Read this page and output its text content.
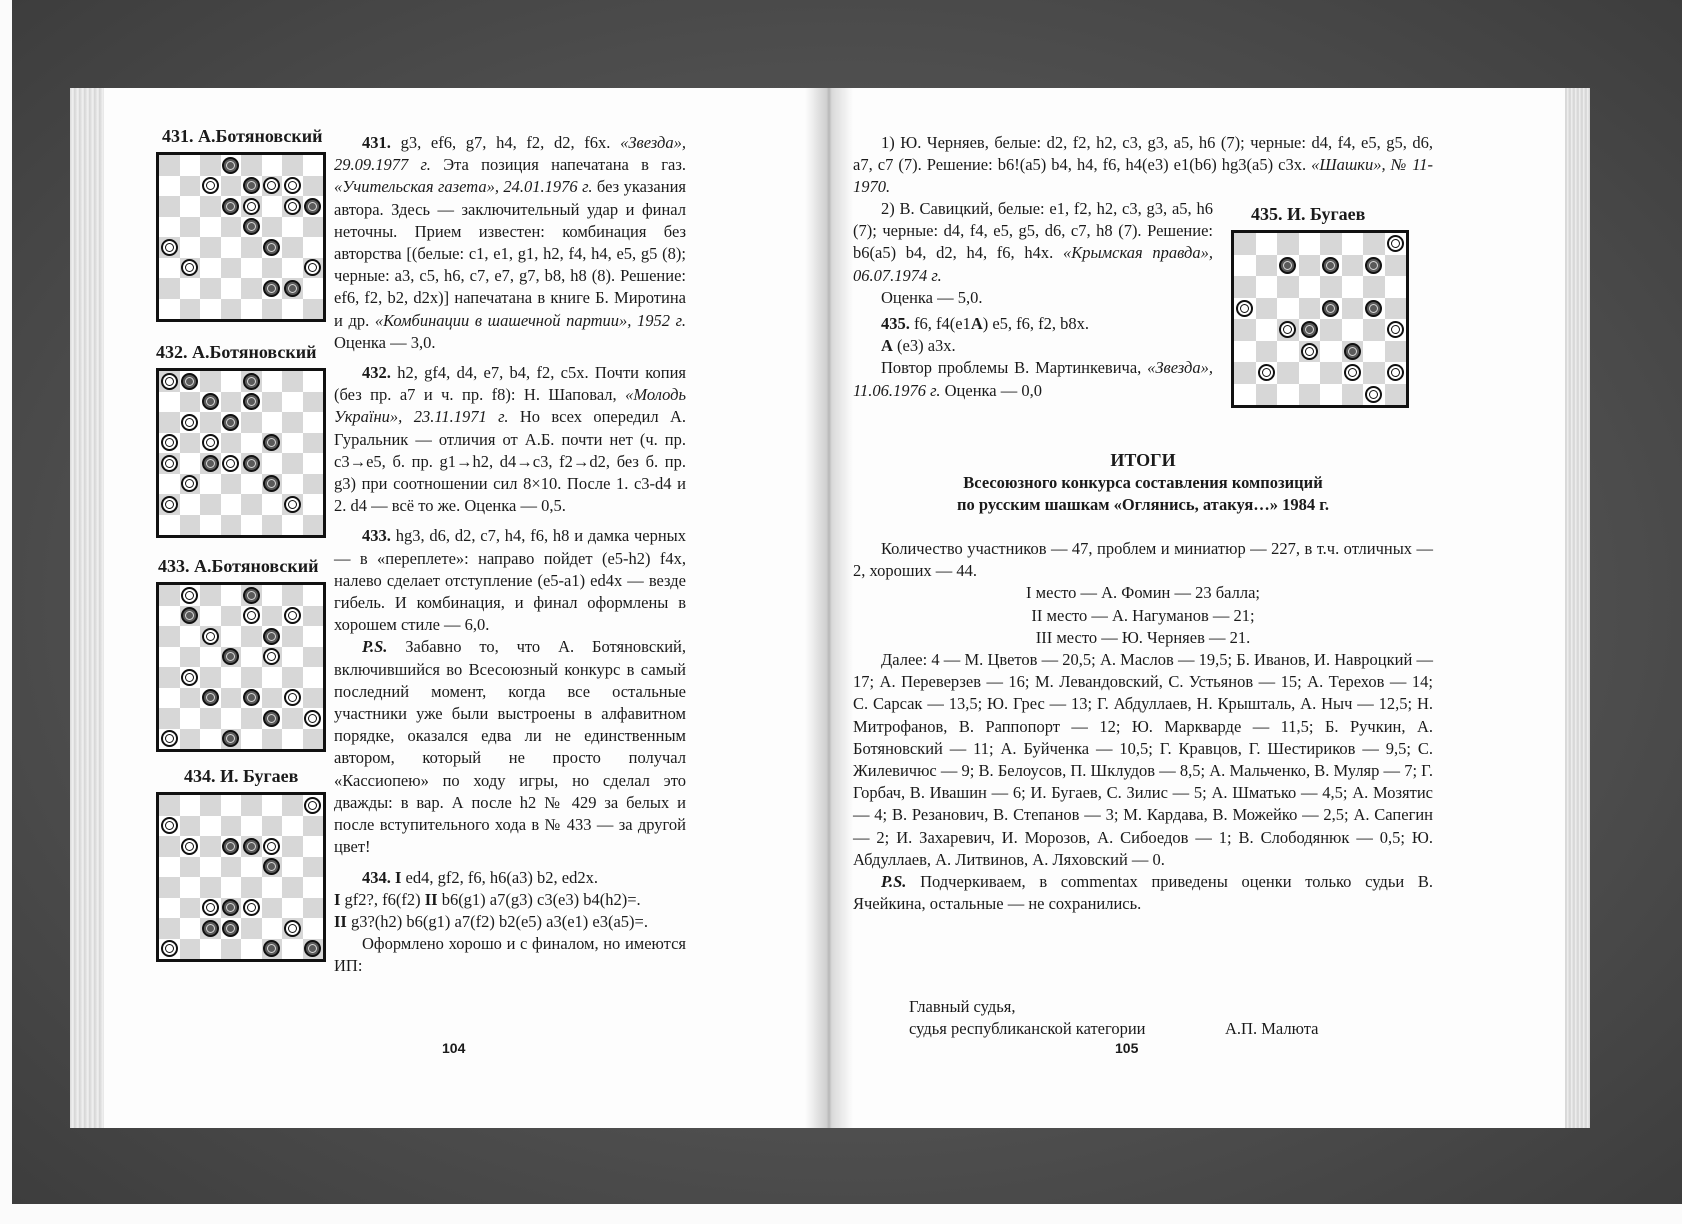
431. А.Ботяновский
432. А.Ботяновский
433. А.Ботяновский
434. И. Бугаев

431. g3, ef6, g7, h4, f2, d2, f6x. «Звезда», 29.09.1977 г. Эта позиция напечатана в газ. «Учительская газета», 24.01.1976 г. без указания автора. Здесь — заключительный удар и финал неточны. Прием известен: комбинация без авторства [(белые: c1, e1, g1, h2, f4, h4, e5, g5 (8); черные: a3, c5, h6, c7, e7, g7, b8, h8 (8). Решение: ef6, f2, b2, d2x)] напечатана в книге Б. Миротина и др. «Комбинации в шашечной партии», 1952 г. Оценка — 3,0.

432. h2, gf4, d4, e7, b4, f2, c5x. Почти копия (без пр. а7 и ч. пр. f8): Н. Шаповал, «Молодь України», 23.11.1971 г. Но всех опередил А. Гуральник — отличия от А.Б. почти нет (ч. пр. с3→е5, б. пр. g1→h2, d4→c3, f2→d2, без б. пр. g3) при соотношении сил 8×10. После 1. c3-d4 и 2. d4 — всё то же. Оценка — 0,5.

433. hg3, d6, d2, c7, h4, f6, h8 и дамка черных — в «переплете»: направо пойдет (e5-h2) f4x, налево сделает отступление (e5-a1) ed4x — везде гибель. И комбинация, и финал оформлены в хорошем стиле — 6,0.

P.S. Забавно то, что А. Ботяновский, включившийся во Всесоюзный конкурс в самый последний момент, когда все остальные участники уже были выстроены в алфавитном порядке, оказался едва ли не единственным автором, который не просто получал «Кассиопею» по ходу игры, но сделал это дважды: в вар. А после h2 № 429 за белых и после вступительного хода в № 433 — за другой цвет!

434. I ed4, gf2, f6, h6(a3) b2, ed2x.

I gf2?, f6(f2) II b6(g1) a7(g3) c3(e3) b4(h2)=.

II g3?(h2) b6(g1) a7(f2) b2(e5) a3(e1) e3(a5)=.

Оформлено хорошо и с финалом, но имеются ИП:

104

1) Ю. Черняев, белые: d2, f2, h2, c3, g3, a5, h6 (7); черные: d4, f4, e5, g5, d6, a7, c7 (7). Решение: b6!(a5) b4, h4, f6, h4(e3) e1(b6) hg3(a5) c3x. «Шашки», № 11-1970.

2) В. Савицкий, белые: e1, f2, h2, c3, g3, a5, h6 (7); черные: d4, f4, e5, g5, d6, c7, h8 (7). Решение: b6(a5) b4, d2, h4, f6, h4x. «Крымская правда», 06.07.1974 г.

Оценка — 5,0.

435. f6, f4(e1A) e5, f6, f2, b8x.

A (e3) a3x.

Повтор проблемы В. Мартинкевича, «Звезда», 11.06.1976 г. Оценка — 0,0

435. И. Бугаев
ИТОГИ
Всесоюзного конкурса составления композиций
по русским шашкам «Оглянись, атакуя…» 1984 г.

Количество участников — 47, проблем и миниатюр — 227, в т.ч. отличных — 2, хороших — 44.

I место — А. Фомин — 23 балла;

II место — А. Нагуманов — 21;

III место — Ю. Черняев — 21.

Далее: 4 — М. Цветов — 20,5; А. Маслов — 19,5; Б. Иванов, И. Навроцкий — 17; А. Переверзев — 16; М. Левандовский, С. Устьянов — 15; А. Терехов — 14; С. Сарсак — 13,5; Ю. Грес — 13; Г. Абдуллаев, Н. Крышталь, А. Ныч — 12,5; Н. Митрофанов, В. Раппопорт — 12; Ю. Маркварде — 11,5; Б. Ручкин, А. Ботяновский — 11; А. Буйченка — 10,5; Г. Кравцов, Г. Шестириков — 9,5; С. Жилевичюс — 9; В. Белоусов, П. Шклудов — 8,5; А. Мальченко, В. Муляр — 7; Г. Горбач, В. Ивашин — 6; И. Бугаев, С. Зилис — 5; А. Шматько — 4,5; А. Мозятис — 4; В. Резанович, В. Степанов — 3; М. Кардава, В. Можейко — 2,5; А. Сапегин — 2; И. Захаревич, И. Морозов, А. Сибоедов — 1; В. Слободянюк — 0,5; Ю. Абдуллаев, А. Литвинов, А. Ляховский — 0.

P.S. Подчеркиваем, в commentах приведены оценки только судьи В. Ячейкина, остальные — не сохранились.

Главный судья,

судья республиканской категории	А.П. Малюта
105
